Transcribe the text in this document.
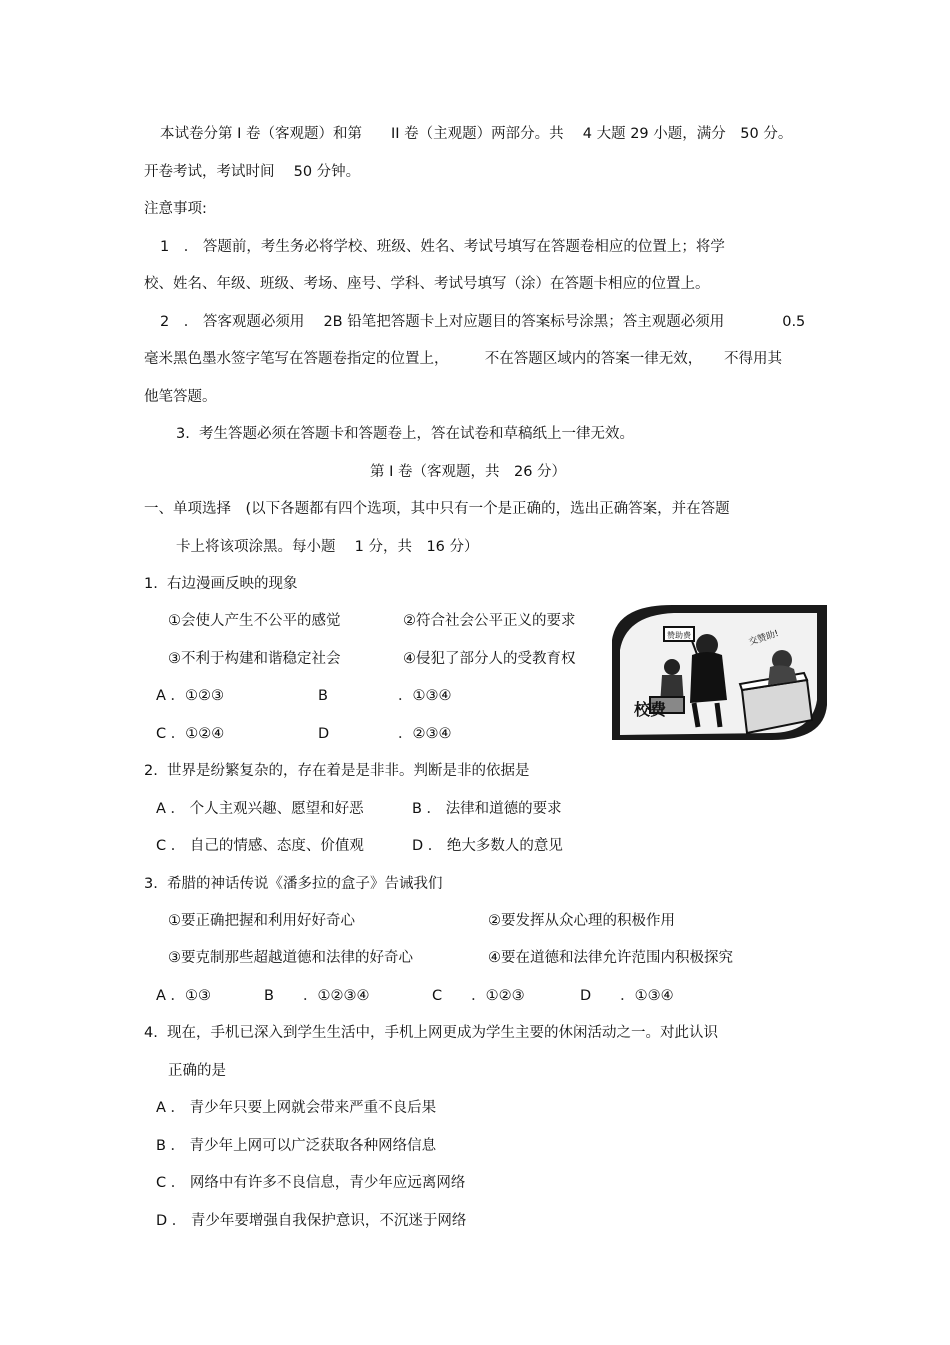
本试卷分第 I 卷（客观题）和第　　II 卷（主观题）两部分。共　 4 大题 29 小题，满分　50 分。
开卷考试，考试时间　 50 分钟。
注意事项:
1　． 答题前，考生务必将学校、班级、姓名、考试号填写在答题卷相应的位置上；将学
校、姓名、年级、班级、考场、座号、学科、考试号填写（涂）在答题卡相应的位置上。
2　． 答客观题必须用　 2B 铅笔把答题卡上对应题目的答案标号涂黑；答主观题必须用　　　　0.5
毫米黑色墨水签字笔写在答题卷指定的位置上，　　　不在答题区域内的答案一律无效，　　不得用其
他笔答题。
3.  考生答题必须在答题卡和答题卷上，答在试卷和草稿纸上一律无效。
第 I 卷（客观题，共　26 分）
一、单项选择　(以下各题都有四个选项，其中只有一个是正确的，选出正确答案，并在答题
卡上将该项涂黑。每小题　 1 分，共　16 分）
1.  右边漫画反映的现象
①会使人产生不公平的感觉	②符合社会公平正义的要求
③不利于构建和谐稳定社会	④侵犯了部分人的受教育权
A ．①②③	B	．①③④
C ．①②④	D	．②③④
赞助费	交赞助!
校费
2.  世界是纷繁复杂的，存在着是是非非。判断是非的依据是
A ． 个人主观兴趣、愿望和好恶	B ． 法律和道德的要求
C ． 自己的情感、态度、价值观	D ． 绝大多数人的意见
3.  希腊的神话传说《潘多拉的盒子》告诫我们
①要正确把握和利用好好奇心	②要发挥从众心理的积极作用
③要克制那些超越道德和法律的好奇心	④要在道德和法律允许范围内积极探究
A ．①③	B　　．①②③④	C　　．①②③	D　　．①③④
4.  现在，手机已深入到学生生活中，手机上网更成为学生主要的休闲活动之一。对此认识
正确的是
A ． 青少年只要上网就会带来严重不良后果
B ． 青少年上网可以广泛获取各种网络信息
C ． 网络中有许多不良信息，青少年应远离网络
D ． 青少年要增强自我保护意识，不沉迷于网络
